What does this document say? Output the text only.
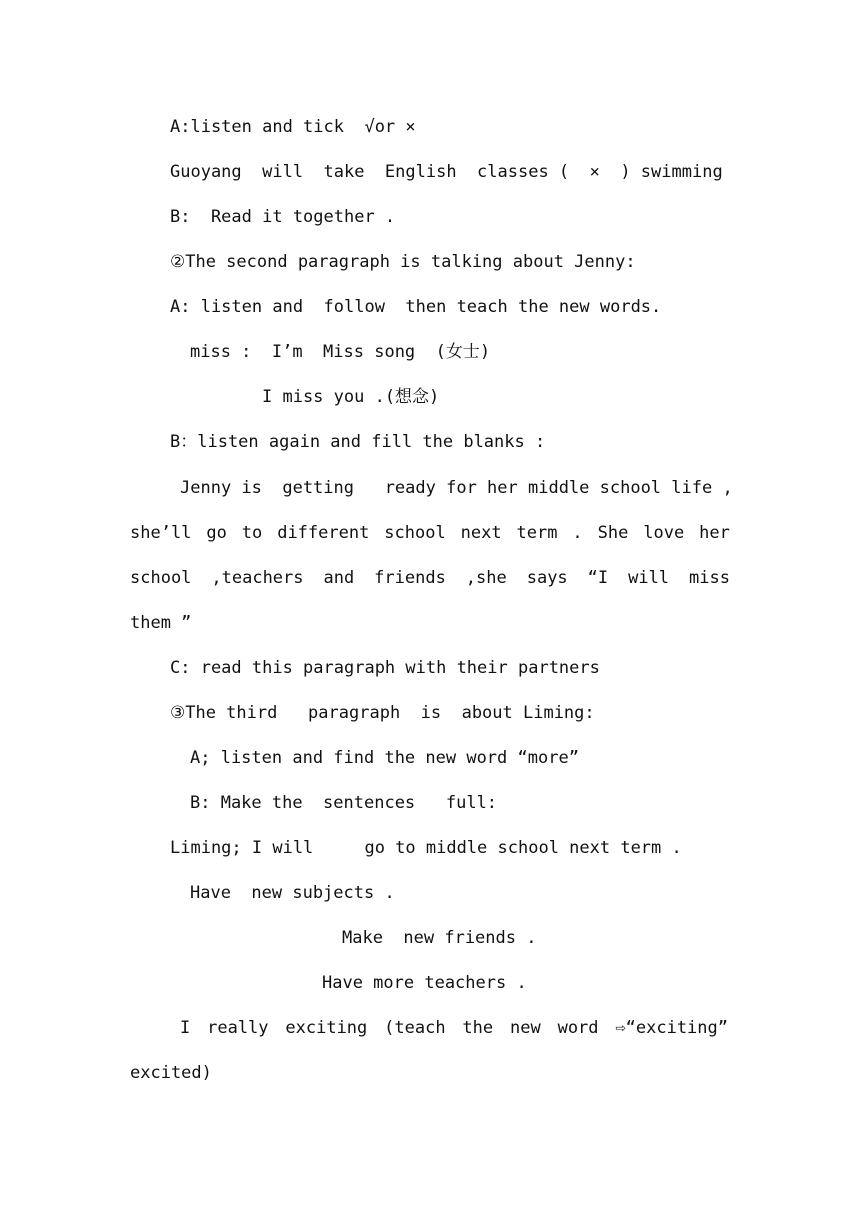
A:listen and tick  √or ×
Guoyang  will  take  English  classes (  ×  ) swimming
B:  Read it together .
②The second paragraph is talking about Jenny:
A: listen and  follow  then teach the new words.
miss :  I’m  Miss song  (女士)
I miss you .(想念)
B：listen again and fill the blanks :
Jenny is  getting   ready for her middle school life ,
she’ll go to different school next term . She love her
school ,teachers and friends ,she says “I will miss
them ”
C: read this paragraph with their partners
③The third   paragraph  is  about Liming:
A; listen and find the new word “more”
B: Make the  sentences   full:
Liming; I will     go to middle school next term .
Have  new subjects .
Make  new friends .
Have more teachers .
I really exciting (teach the new word ⇨“exciting”
excited)
